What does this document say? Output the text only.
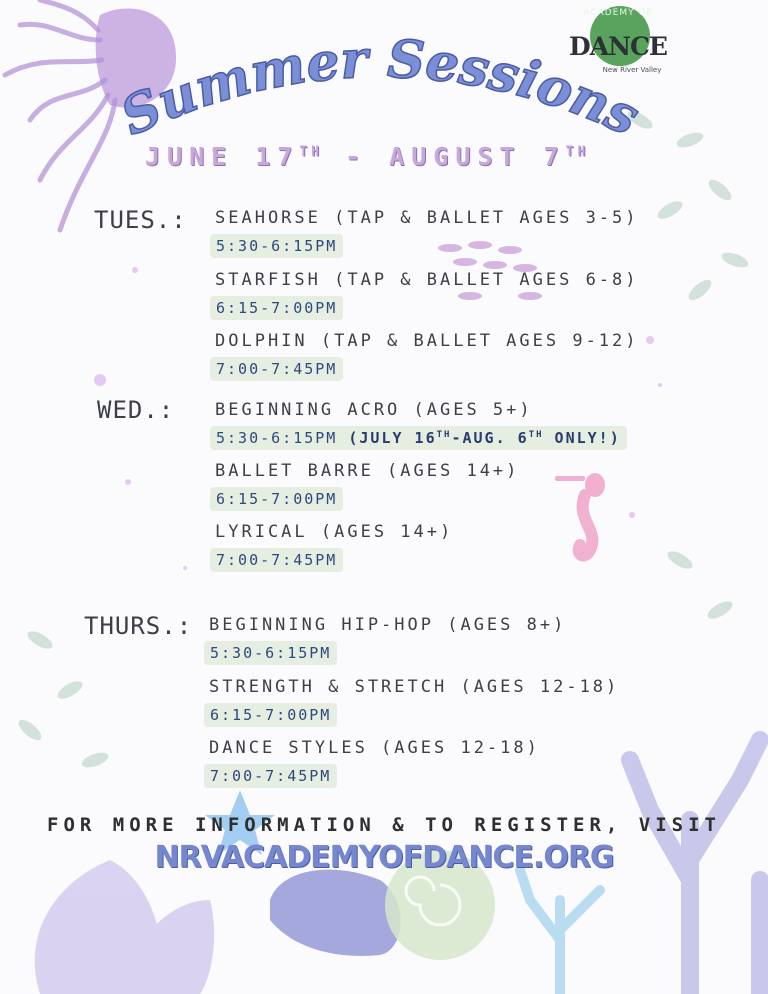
ACADEMY OF
DANCE
New River Valley
Summer Sessions
JUNE 17TH - AUGUST 7TH
TUES.: SEAHORSE (TAP & BALLET AGES 3-5)
5:30-6:15PM
STARFISH (TAP & BALLET AGES 6-8)
6:15-7:00PM
DOLPHIN (TAP & BALLET AGES 9-12)
7:00-7:45PM
WED.: BEGINNING ACRO (AGES 5+)
5:30-6:15PM (JULY 16TH-AUG. 6TH ONLY!)
BALLET BARRE (AGES 14+)
6:15-7:00PM
LYRICAL (AGES 14+)
7:00-7:45PM
THURS.: BEGINNING HIP-HOP (AGES 8+)
5:30-6:15PM
STRENGTH & STRETCH (AGES 12-18)
6:15-7:00PM
DANCE STYLES (AGES 12-18)
7:00-7:45PM
FOR MORE INFORMATION & TO REGISTER, VISIT
NRVACADEMYOFDANCE.ORG
